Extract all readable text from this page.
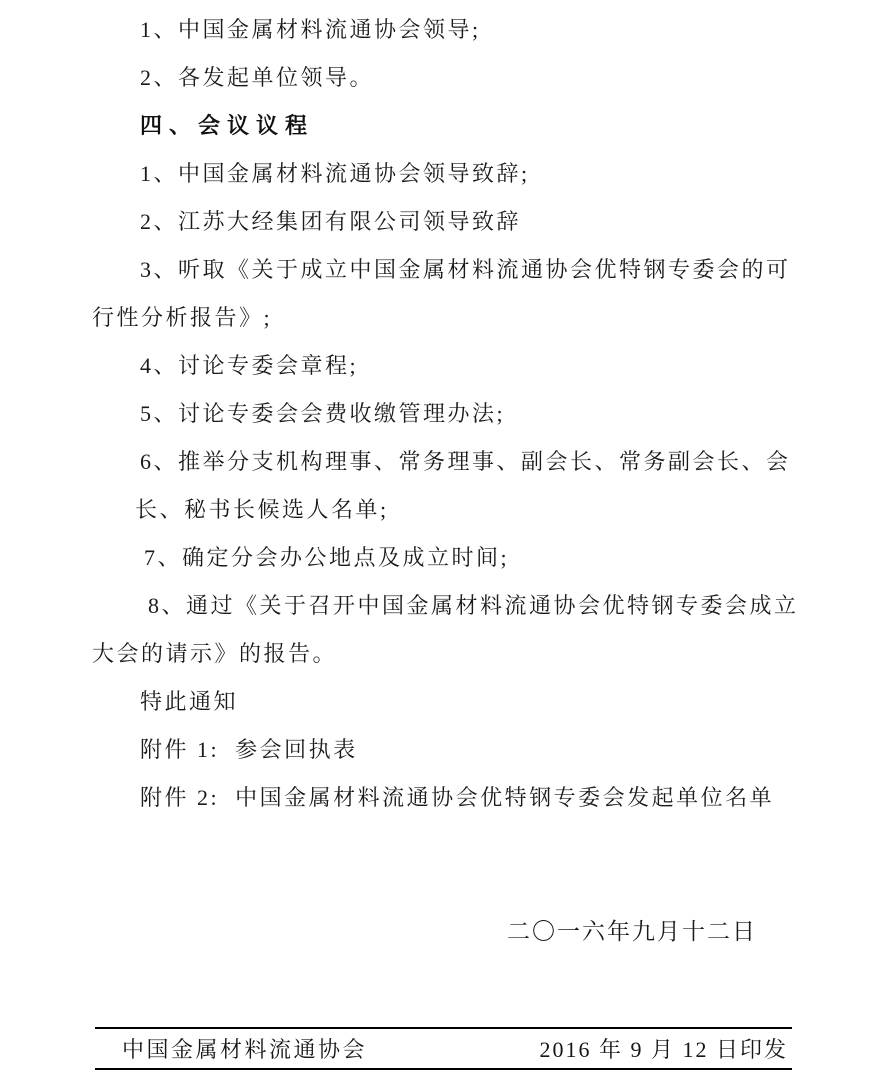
1、中国金属材料流通协会领导;
2、各发起单位领导。
四、会议议程
1、中国金属材料流通协会领导致辞;
2、江苏大经集团有限公司领导致辞
3、听取《关于成立中国金属材料流通协会优特钢专委会的可
行性分析报告》;
4、讨论专委会章程;
5、讨论专委会会费收缴管理办法;
6、推举分支机构理事、常务理事、副会长、常务副会长、会
长、秘书长候选人名单;
7、确定分会办公地点及成立时间;
8、通过《关于召开中国金属材料流通协会优特钢专委会成立
大会的请示》的报告。
特此通知
附件 1:  参会回执表
附件 2:  中国金属材料流通协会优特钢专委会发起单位名单
二〇一六年九月十二日
中国金属材料流通协会	2016 年 9 月 12 日印发
